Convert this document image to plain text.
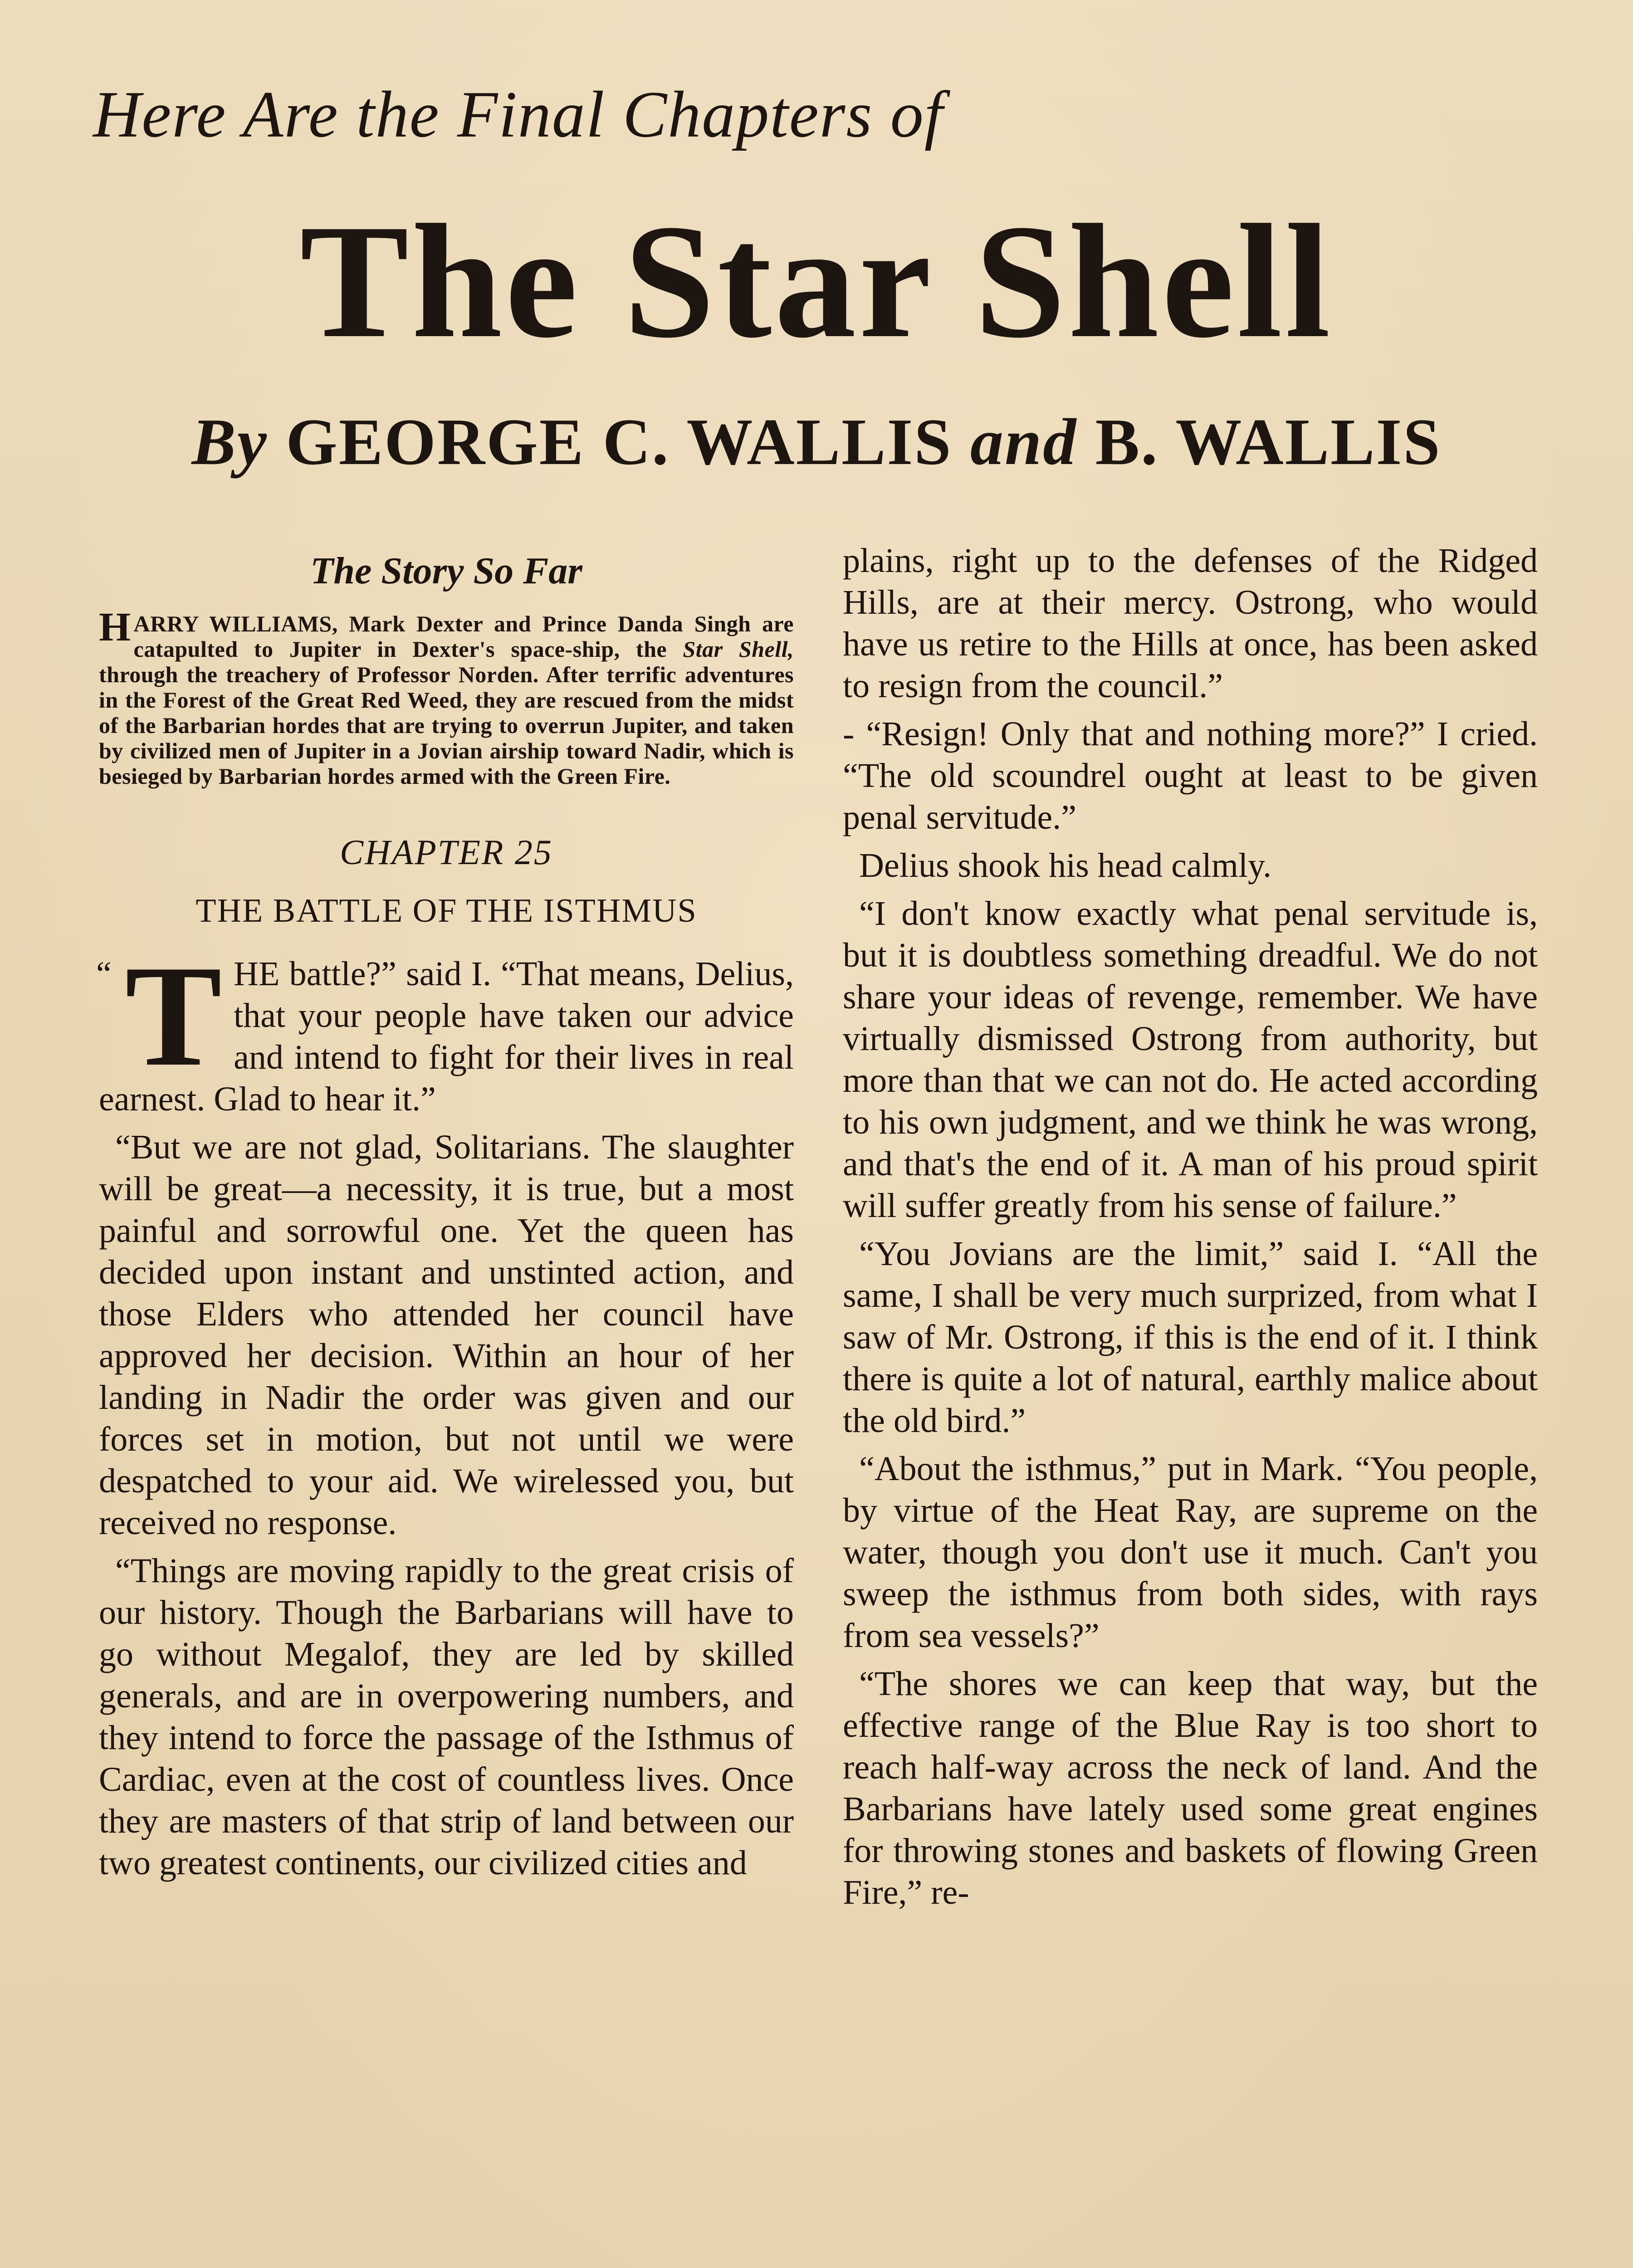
Here Are the Final Chapters of

The Star Shell

By GEORGE C. WALLIS and B. WALLIS

The Story So Far

HARRY WILLIAMS, Mark Dexter and Prince Danda Singh are catapulted to Jupiter in Dexter's space-ship, the Star Shell, through the treachery of Professor Norden. After terrific adventures in the Forest of the Great Red Weed, they are rescued from the midst of the Barbarian hordes that are trying to overrun Jupiter, and taken by civilized men of Jupiter in a Jovian airship toward Nadir, which is besieged by Barbarian hordes armed with the Green Fire.

CHAPTER 25

THE BATTLE OF THE ISTHMUS

“ T HE battle?” said I. “That means, Delius, that your people have taken our advice and intend to fight for their lives in real earnest. Glad to hear it.”

“But we are not glad, Solitarians. The slaughter will be great—a necessity, it is true, but a most painful and sorrowful one. Yet the queen has decided upon instant and unstinted action, and those Elders who attended her council have approved her decision. Within an hour of her landing in Nadir the order was given and our forces set in motion, but not until we were despatched to your aid. We wirelessed you, but received no response.

“Things are moving rapidly to the great crisis of our history. Though the Barbarians will have to go without Megalof, they are led by skilled generals, and are in overpowering numbers, and they intend to force the passage of the Isthmus of Cardiac, even at the cost of countless lives. Once they are masters of that strip of land between our two greatest continents, our civilized cities and

plains, right up to the defenses of the Ridged Hills, are at their mercy. Ostrong, who would have us retire to the Hills at once, has been asked to resign from the council.”

- “Resign! Only that and nothing more?” I cried. “The old scoundrel ought at least to be given penal servitude.”

Delius shook his head calmly.

“I don't know exactly what penal servitude is, but it is doubtless something dreadful. We do not share your ideas of revenge, remember. We have virtually dismissed Ostrong from authority, but more than that we can not do. He acted according to his own judgment, and we think he was wrong, and that's the end of it. A man of his proud spirit will suffer greatly from his sense of failure.”

“You Jovians are the limit,” said I. “All the same, I shall be very much surprized, from what I saw of Mr. Ostrong, if this is the end of it. I think there is quite a lot of natural, earthly malice about the old bird.”

“About the isthmus,” put in Mark. “You people, by virtue of the Heat Ray, are supreme on the water, though you don't use it much. Can't you sweep the isthmus from both sides, with rays from sea vessels?”

“The shores we can keep that way, but the effective range of the Blue Ray is too short to reach half-way across the neck of land. And the Barbarians have lately used some great engines for throwing stones and baskets of flowing Green Fire,” re-
